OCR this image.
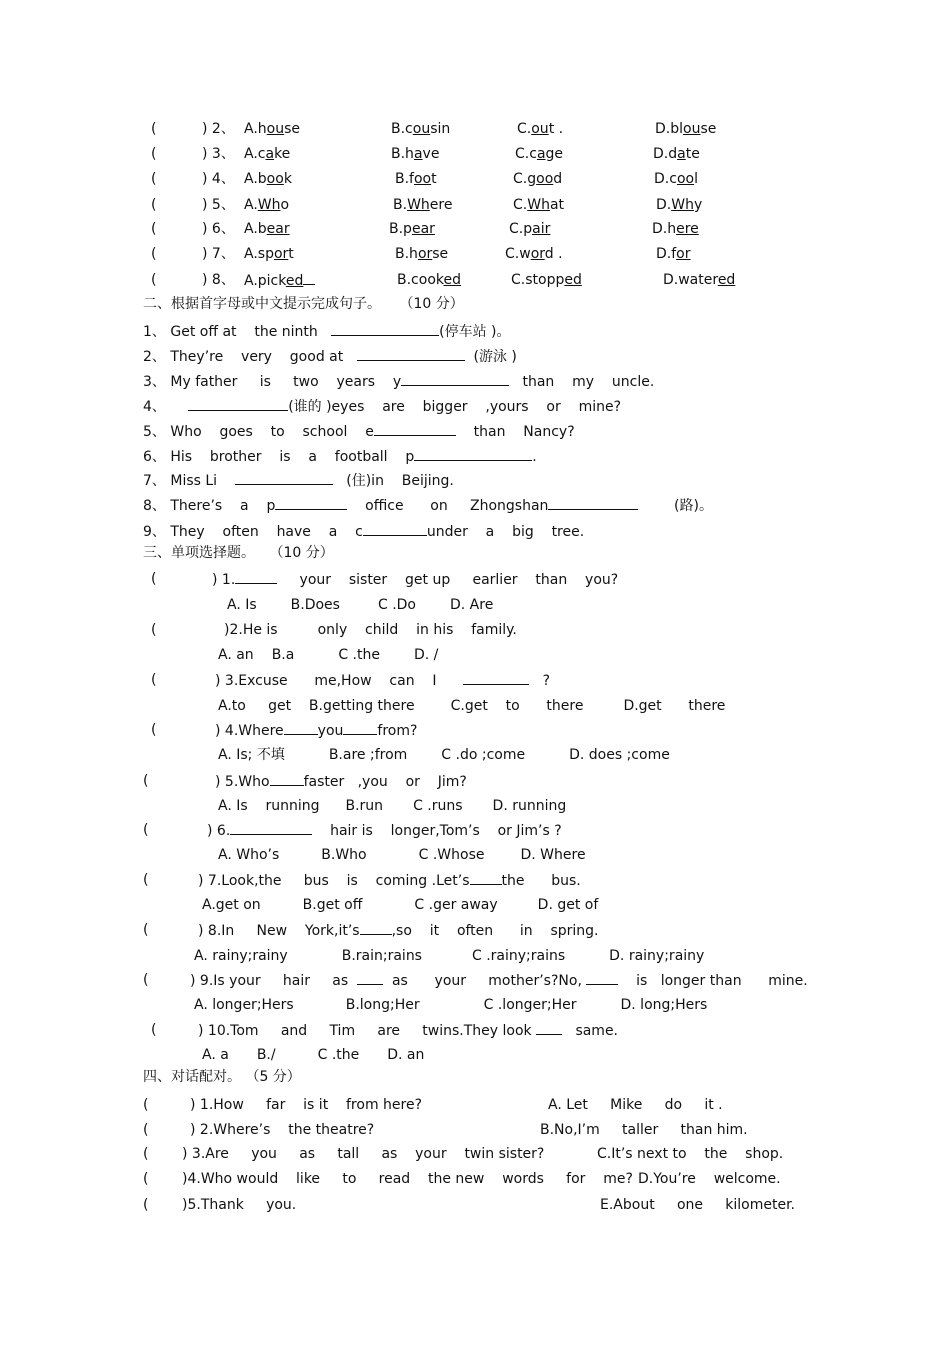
(	) 2、 A.house	B.cousin	C.out .	D.blouse
(	) 3、 A.cake	B.have	C.cage	D.date
(	) 4、 A.book	B.foot	C.good	D.cool
(	) 5、 A.Who	B.Where	C.What	D.Why
(	) 6、 A.bear	B.pear	C.pair	D.here
(	) 7、 A.sport	B.horse	C.word .	D.for
(	) 8、 A.picked	B.cooked	C.stopped	D.watered
二、根据首字母或中文提示完成句子。 （10 分）
1、 Get off at the ninth	(停车站 )。
2、 They’re very good at	(游泳 )
3、 My father is two years y	than my uncle.
4、	(谁的 )eyes are bigger ,yours or mine?
5、 Who goes to school e	than Nancy?
6、 His brother is a football p	.
7、 Miss Li	(住)in Beijing.
8、 There’s a p	office on Zhongshan	(路)。
9、 They often have a c	under a big tree.
三、单项选择题。 （10 分）
(	) 1.	your sister get up earlier than you?
A. Is B.Does	C .Do D. Are
(	)2.He is	only child in his family.
A. an B.a	C .the D. /
(	) 3.Excuse me,How can I	?
A.to get B.getting there	C.get to there	D.get there
(	) 4.Where you from?
A. Is; 不填	B.are ;from C .do ;come	D. does ;come
(	) 5.Who faster ,you or Jim?
A. Is running B.run C .runs D. running
(	) 6.	hair is longer,Tom’s or Jim’s ?
A. Who’s	B.Who	C .Whose	D. Where
(	) 7.Look,the bus is coming .Let’s the bus.
A.get on	B.get off	C .ger away	D. get of
(	) 8.In New York,it’s ,so it often in spring.
A. rainy;rainy	B.rain;rains	C .rainy;rains	D. rainy;rainy
(	) 9.Is your hair as	as your mother’s?No,	is longer than mine.
A. longer;Hers	B.long;Her	C .longer;Her	D. long;Hers
(	) 10.Tom and Tim are twins.They look	same.
A. a B./	C .the D. an
四、对话配对。 （5 分）
(	) 1.How far is it from here?	A. Let Mike do it .
(	) 2.Where’s the theatre?	B.No,I’m taller than him.
( ) 3.Are you as tall as your twin sister?	C.It’s next to the shop.
( )4.Who would like to read the new words for me? D.You’re welcome.
( )5.Thank you.	E.About one kilometer.
